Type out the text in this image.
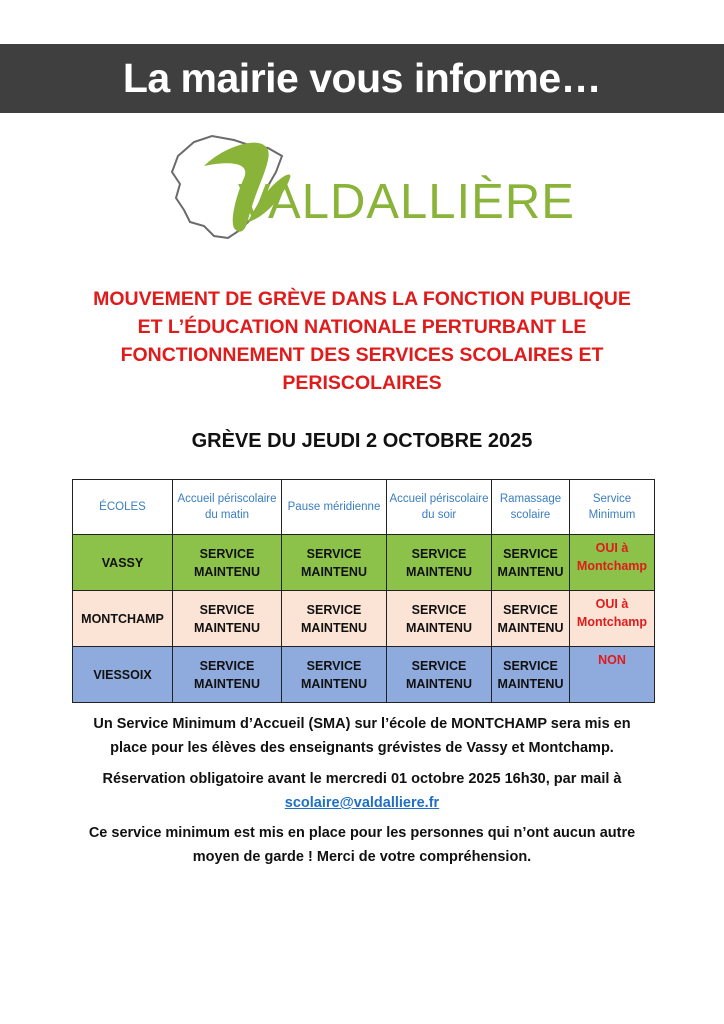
La mairie vous informe…
VALDALLIÈRE
MOUVEMENT DE GRÈVE DANS LA FONCTION PUBLIQUE
ET L’ÉDUCATION NATIONALE PERTURBANT LE
FONCTIONNEMENT DES SERVICES SCOLAIRES ET
PERISCOLAIRES
GRÈVE DU JEUDI 2 OCTOBRE 2025
ÉCOLES	Accueil périscolaire du matin	Pause méridienne	Accueil périscolaire du soir	Ramassage scolaire	Service Minimum
VASSY	SERVICE MAINTENU	SERVICE MAINTENU	SERVICE MAINTENU	SERVICE MAINTENU	OUI à Montchamp
MONTCHAMP	SERVICE MAINTENU	SERVICE MAINTENU	SERVICE MAINTENU	SERVICE MAINTENU	OUI à Montchamp
VIESSOIX	SERVICE MAINTENU	SERVICE MAINTENU	SERVICE MAINTENU	SERVICE MAINTENU	NON
Un Service Minimum d’Accueil (SMA) sur l’école de MONTCHAMP sera mis en
place pour les élèves des enseignants grévistes de Vassy et Montchamp.
Réservation obligatoire avant le mercredi 01 octobre 2025 16h30, par mail à
scolaire@valdalliere.fr
Ce service minimum est mis en place pour les personnes qui n’ont aucun autre
moyen de garde ! Merci de votre compréhension.
